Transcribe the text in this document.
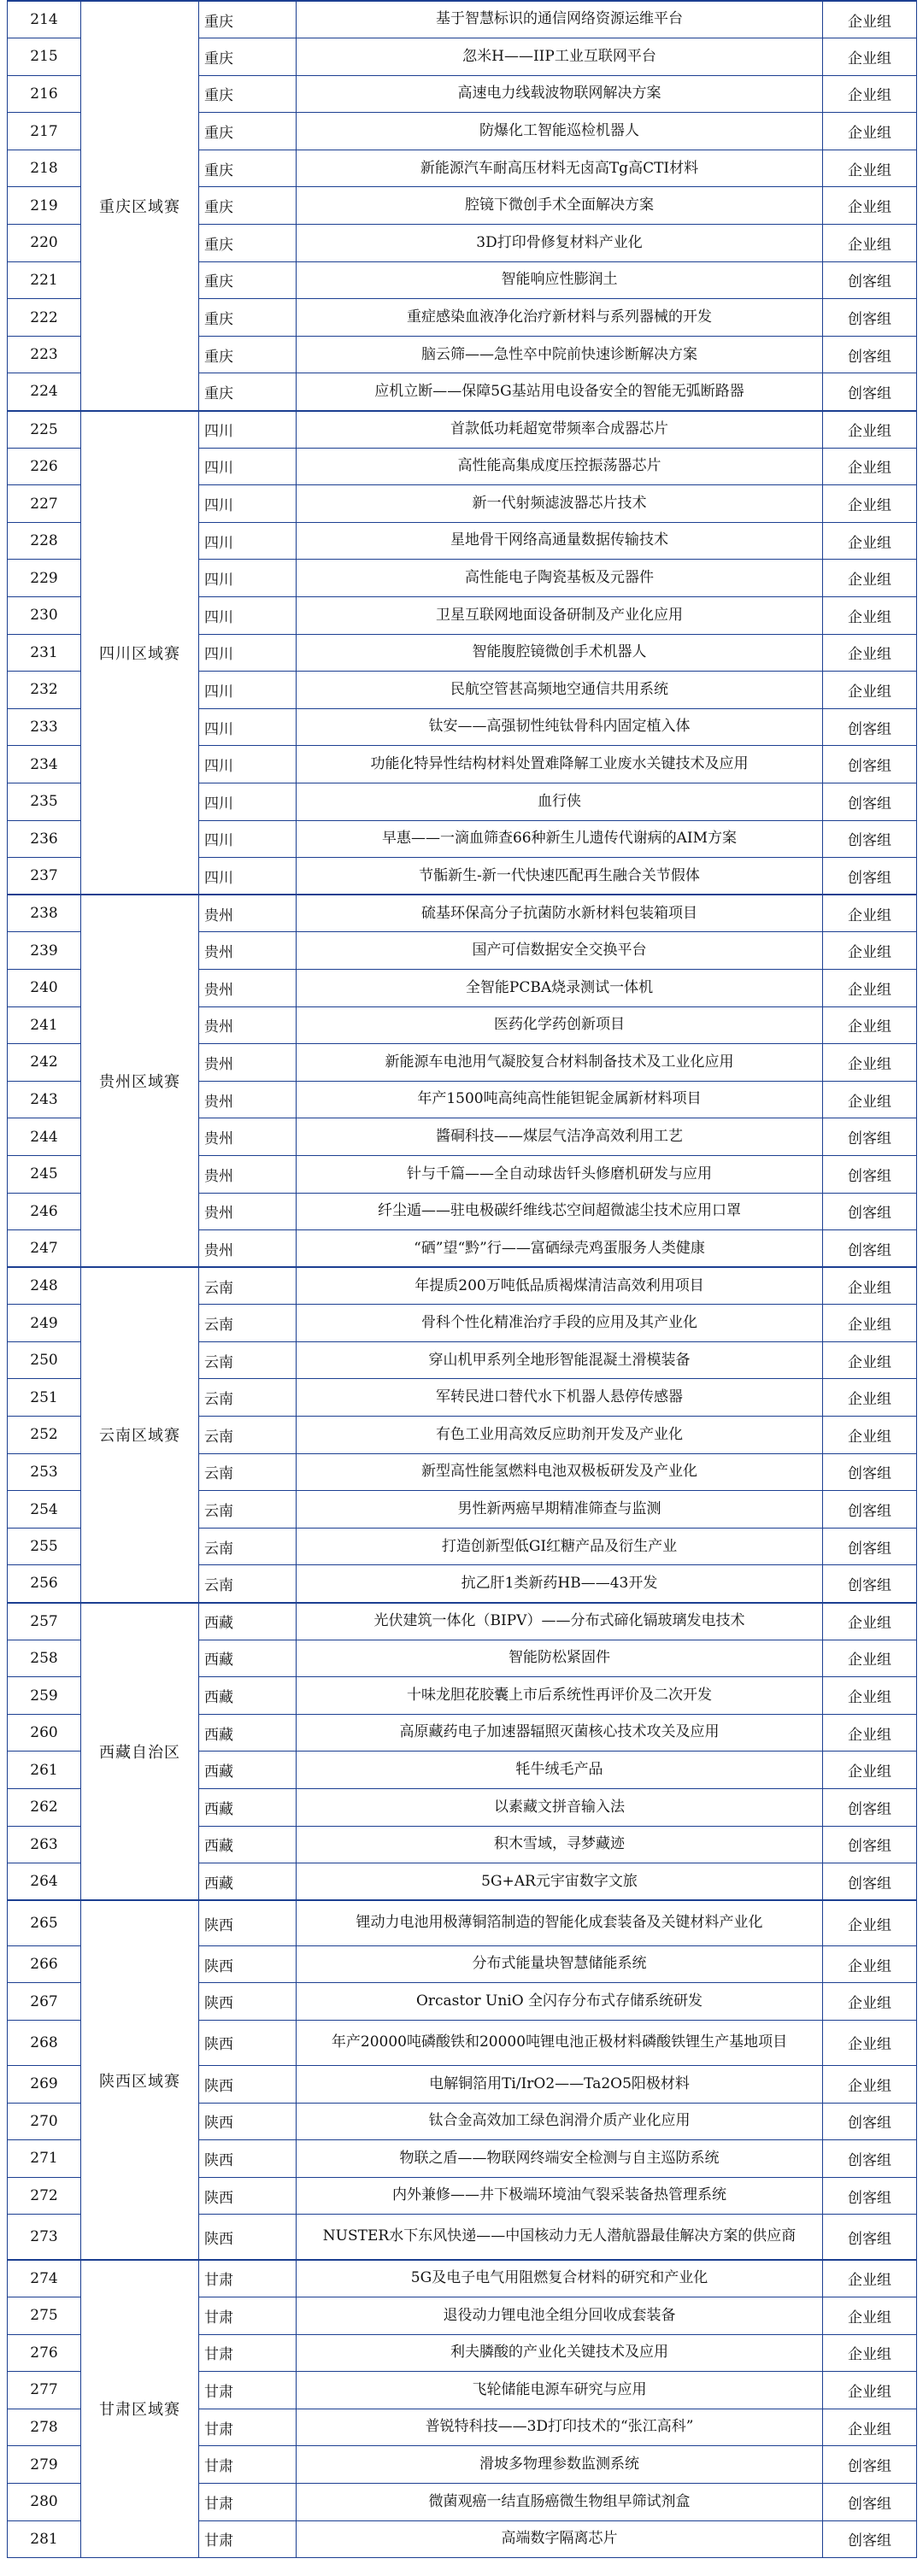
214	重庆区域赛	重庆	基于智慧标识的通信网络资源运维平台	企业组
215		重庆	忽米H——IIP工业互联网平台	企业组
216		重庆	高速电力线载波物联网解决方案	企业组
217		重庆	防爆化工智能巡检机器人	企业组
218		重庆	新能源汽车耐高压材料无卤高Tg高CTI材料	企业组
219		重庆	腔镜下微创手术全面解决方案	企业组
220		重庆	3D打印骨修复材料产业化	企业组
221		重庆	智能响应性膨润土	创客组
222		重庆	重症感染血液净化治疗新材料与系列器械的开发	创客组
223		重庆	脑云筛——急性卒中院前快速诊断解决方案	创客组
224		重庆	应机立断——保障5G基站用电设备安全的智能无弧断路器	创客组
225	四川区域赛	四川	首款低功耗超宽带频率合成器芯片	企业组
226		四川	高性能高集成度压控振荡器芯片	企业组
227		四川	新一代射频滤波器芯片技术	企业组
228		四川	星地骨干网络高通量数据传输技术	企业组
229		四川	高性能电子陶瓷基板及元器件	企业组
230		四川	卫星互联网地面设备研制及产业化应用	企业组
231		四川	智能腹腔镜微创手术机器人	企业组
232		四川	民航空管甚高频地空通信共用系统	企业组
233		四川	钛安——高强韧性纯钛骨科内固定植入体	创客组
234		四川	功能化特异性结构材料处置难降解工业废水关键技术及应用	创客组
235		四川	血行侠	创客组
236		四川	早惠——一滴血筛查66种新生儿遗传代谢病的AIM方案	创客组
237		四川	节骺新生-新一代快速匹配再生融合关节假体	创客组
238	贵州区域赛	贵州	硫基环保高分子抗菌防水新材料包装箱项目	企业组
239		贵州	国产可信数据安全交换平台	企业组
240		贵州	全智能PCBA烧录测试一体机	企业组
241		贵州	医药化学药创新项目	企业组
242		贵州	新能源车电池用气凝胶复合材料制备技术及工业化应用	企业组
243		贵州	年产1500吨高纯高性能钽铌金属新材料项目	企业组
244		贵州	醬硐科技——煤层气洁净高效利用工艺	创客组
245		贵州	针与千篇——全自动球齿钎头修磨机研发与应用	创客组
246		贵州	纤尘遁——驻电极碳纤维线芯空间超微滤尘技术应用口罩	创客组
247		贵州	“硒”望“黔”行——富硒绿壳鸡蛋服务人类健康	创客组
248	云南区域赛	云南	年提质200万吨低品质褐煤清洁高效利用项目	企业组
249		云南	骨科个性化精准治疗手段的应用及其产业化	企业组
250		云南	穿山机甲系列全地形智能混凝土滑模装备	企业组
251		云南	军转民进口替代水下机器人悬停传感器	企业组
252		云南	有色工业用高效反应助剂开发及产业化	企业组
253		云南	新型高性能氢燃料电池双极板研发及产业化	创客组
254		云南	男性新两癌早期精准筛查与监测	创客组
255		云南	打造创新型低GI红糖产品及衍生产业	创客组
256		云南	抗乙肝1类新药HB——43开发	创客组
257	西藏自治区	西藏	光伏建筑一体化（BIPV）——分布式碲化镉玻璃发电技术	企业组
258		西藏	智能防松紧固件	企业组
259		西藏	十味龙胆花胶囊上市后系统性再评价及二次开发	企业组
260		西藏	高原藏药电子加速器辐照灭菌核心技术攻关及应用	企业组
261		西藏	牦牛绒毛产品	企业组
262		西藏	以素藏文拼音输入法	创客组
263		西藏	积木雪域，寻梦藏迹	创客组
264		西藏	5G+AR元宇宙数字文旅	创客组
265	陕西区域赛	陕西	锂动力电池用极薄铜箔制造的智能化成套装备及关键材料产业化	企业组
266		陕西	分布式能量块智慧储能系统	企业组
267		陕西	Orcastor UniO 全闪存分布式存储系统研发	企业组
268		陕西	年产20000吨磷酸铁和20000吨锂电池正极材料磷酸铁锂生产基地项目	企业组
269		陕西	电解铜箔用Ti/IrO2——Ta2O5阳极材料	企业组
270		陕西	钛合金高效加工绿色润滑介质产业化应用	创客组
271		陕西	物联之盾——物联网终端安全检测与自主巡防系统	创客组
272		陕西	内外兼修——井下极端环境油气裂采装备热管理系统	创客组
273		陕西	NUSTER水下东风快递——中国核动力无人潜航器最佳解决方案的供应商	创客组
274	甘肃区域赛	甘肃	5G及电子电气用阻燃复合材料的研究和产业化	企业组
275		甘肃	退役动力锂电池全组分回收成套装备	企业组
276		甘肃	利夫膦酸的产业化关键技术及应用	企业组
277		甘肃	飞轮储能电源车研究与应用	企业组
278		甘肃	普锐特科技——3D打印技术的“张江高科”	企业组
279		甘肃	滑坡多物理参数监测系统	创客组
280		甘肃	微菌观癌一结直肠癌微生物组早筛试剂盒	创客组
281		甘肃	高端数字隔离芯片	创客组
